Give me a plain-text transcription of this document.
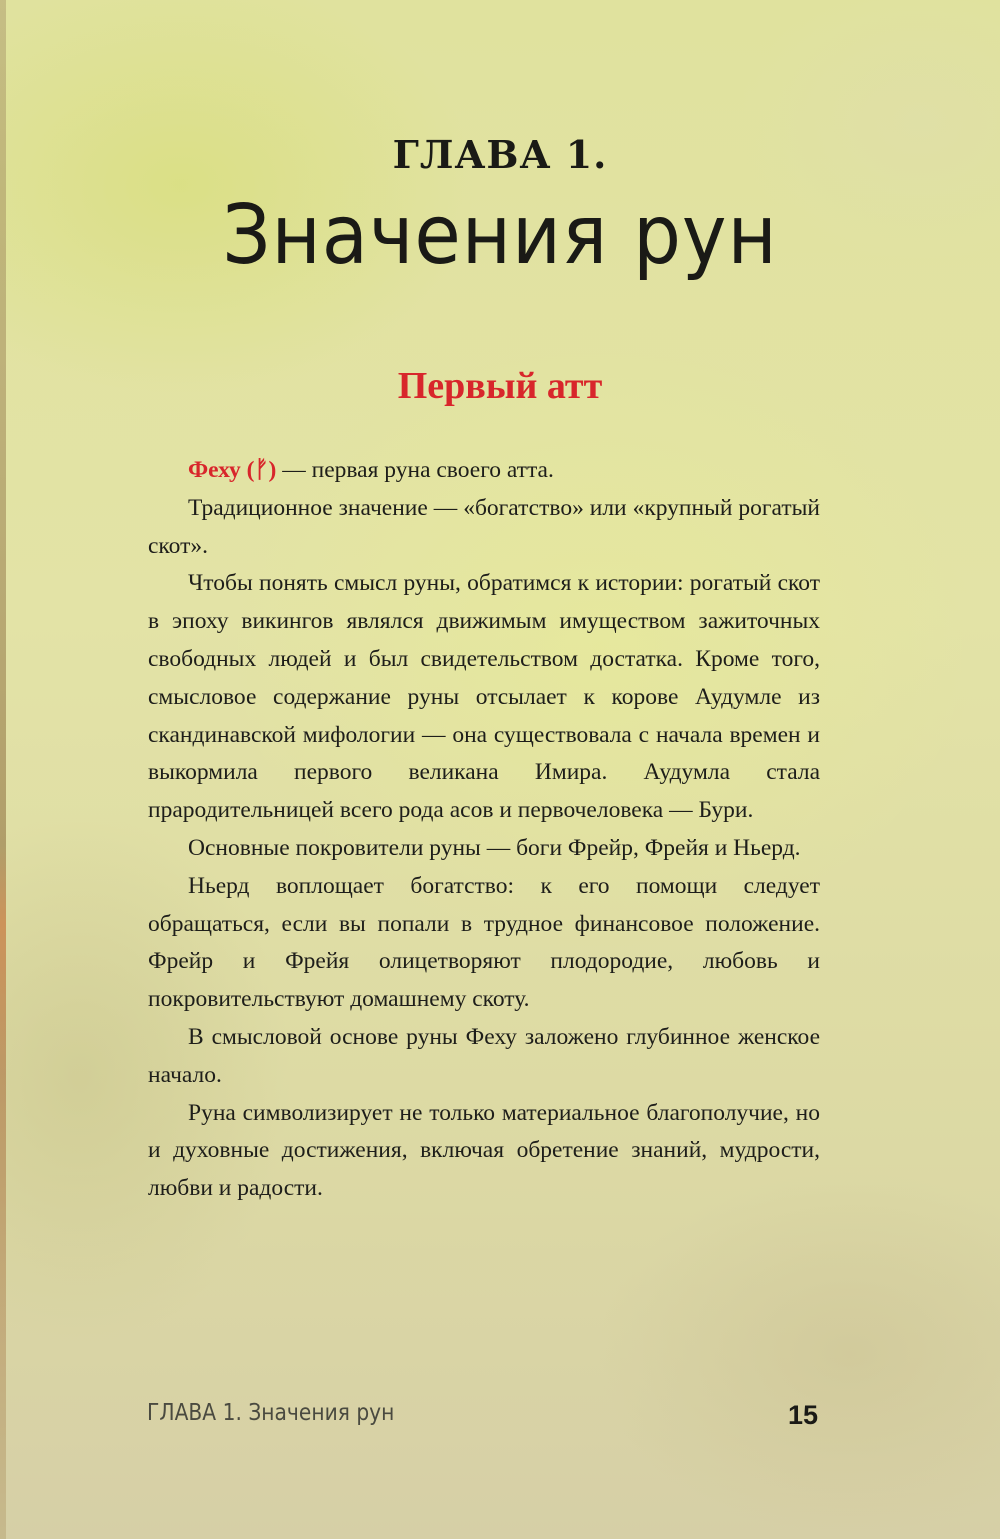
ГЛАВА 1.
Значения рун
Первый атт

Феху (ᚠ) — первая руна своего атта.

Традиционное значение — «богатство» или «крупный рогатый скот».

Чтобы понять смысл руны, обратимся к истории: рогатый скот в эпоху викингов являлся движимым имуществом зажиточных свободных людей и был свидетельством достатка. Кроме того, смысловое содержание руны отсылает к корове Аудумле из скандинавской мифологии — она существовала с начала времен и выкормила первого великана Имира. Аудумла стала прародительницей всего рода асов и первочеловека — Бури.

Основные покровители руны — боги Фрейр, Фрейя и Ньерд.

Ньерд воплощает богатство: к его помощи следует обращаться, если вы попали в трудное финансовое положение. Фрейр и Фрейя олицетворяют плодородие, любовь и покровительствуют домашнему скоту.

В смысловой основе руны Феху заложено глубинное женское начало.

Руна символизирует не только материальное благополучие, но и духовные достижения, включая обретение знаний, мудрости, любви и радости.

ГЛАВА 1. Значения рун	15
